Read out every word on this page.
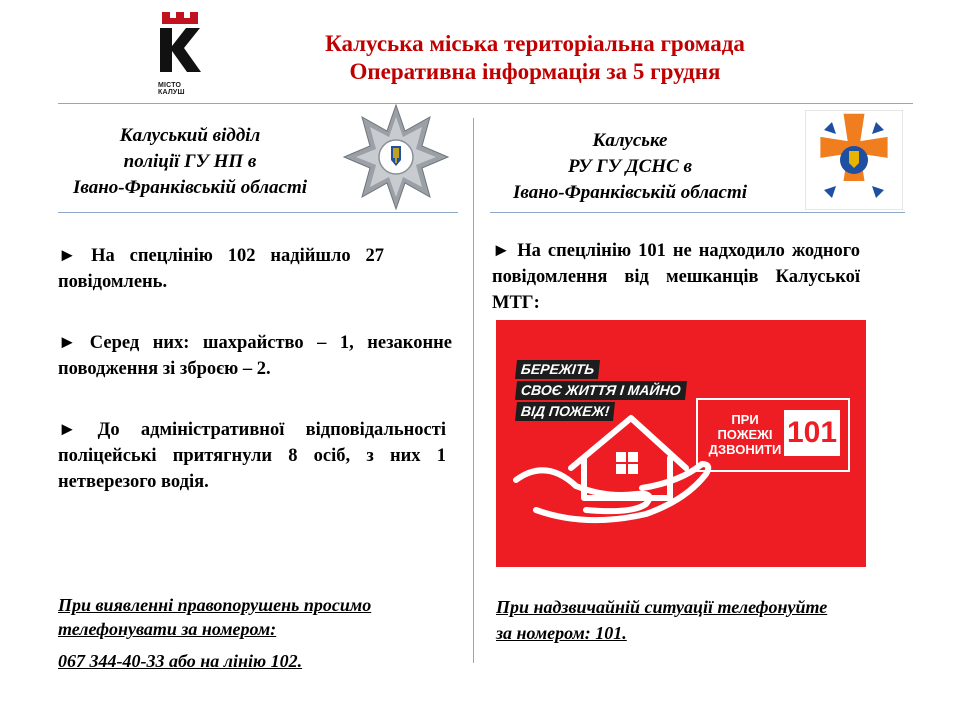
МІСТО
КАЛУШ
Калуська міська територіальна громада
Оперативна інформація за 5 грудня
Калуський відділ
поліції ГУ НП в
Івано-Франківській області
Калуське
РУ ГУ ДСНС в
Івано-Франківській області
► На спецлінію 102 надійшло 27 повідомлень.
► Серед них: шахрайство – 1, незаконне поводження зі зброєю – 2.
► До адміністративної відповідальності поліцейські притягнули 8 осіб, з них 1 нетверезого водія.
При виявленні правопорушень просимо
телефонувати за номером:
067 344-40-33 або на лінію 102.
► На спецлінію 101 не надходило жодного повідомлення від мешканців Калуської МТГ:
БЕРЕЖІТЬ
СВОЄ ЖИТТЯ І МАЙНО
ВІД ПОЖЕЖ!
ПРИ ПОЖЕЖІ ДЗВОНИТИ
101
При надзвичайній ситуації телефонуйте
за номером: 101.
